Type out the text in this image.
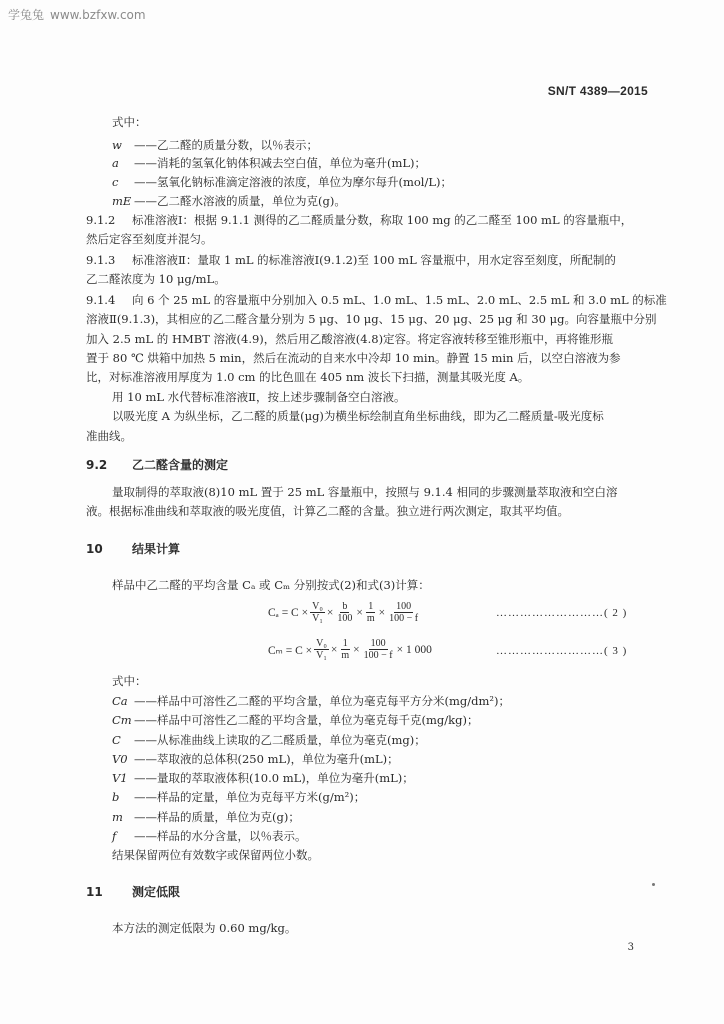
学兔兔 www.bzfxw.com
SN/T 4389—2015
式中：
w ——乙二醛的质量分数，以％表示；
a ——消耗的氢氧化钠体积减去空白值，单位为毫升(mL)；
c ——氢氧化钠标准滴定溶液的浓度，单位为摩尔每升(mol/L)；
mE ——乙二醛水溶液的质量，单位为克(g)。
9.1.2 标准溶液Ⅰ：根据 9.1.1 测得的乙二醛质量分数，称取 100 mg 的乙二醛至 100 mL 的容量瓶中，
然后定容至刻度并混匀。
9.1.3 标准溶液Ⅱ：量取 1 mL 的标准溶液Ⅰ(9.1.2)至 100 mL 容量瓶中，用水定容至刻度，所配制的
乙二醛浓度为 10 μg/mL。
9.1.4 向 6 个 25 mL 的容量瓶中分别加入 0.5 mL、1.0 mL、1.5 mL、2.0 mL、2.5 mL 和 3.0 mL 的标准
溶液Ⅱ(9.1.3)，其相应的乙二醛含量分别为 5 μg、10 μg、15 μg、20 μg、25 μg 和 30 μg。向容量瓶中分别
加入 2.5 mL 的 HMBT 溶液(4.9)，然后用乙酸溶液(4.8)定容。将定容液转移至锥形瓶中，再将锥形瓶
置于 80 ℃ 烘箱中加热 5 min，然后在流动的自来水中冷却 10 min。静置 15 min 后，以空白溶液为参
比，对标准溶液用厚度为 1.0 cm 的比色皿在 405 nm 波长下扫描，测量其吸光度 A。
用 10 mL 水代替标准溶液Ⅱ，按上述步骤制备空白溶液。
以吸光度 A 为纵坐标，乙二醛的质量(μg)为横坐标绘制直角坐标曲线，即为乙二醛质量-吸光度标
准曲线。
9.2 乙二醛含量的测定
量取制得的萃取液(8)10 mL 置于 25 mL 容量瓶中，按照与 9.1.4 相同的步骤测量萃取液和空白溶
液。根据标准曲线和萃取液的吸光度值，计算乙二醛的含量。独立进行两次测定，取其平均值。
10 结果计算
样品中乙二醛的平均含量 Cₐ 或 Cₘ 分别按式(2)和式(3)计算：
$C_a = C \times \frac{\text{V₀}}{\text{V₁}} \times \frac{b}{100} \times \frac{1}{m} \times \frac{100}{100 - f}$	………………………( 2 )
$C_m = C \times \frac{\text{V₀}}{\text{V₁}} \times \frac{1}{m} \times \frac{100}{100 - f} \times 1$ 000	………………………( 3 )
式中：
Ca ——样品中可溶性乙二醛的平均含量，单位为毫克每平方分米(mg/dm²)；
Cm ——样品中可溶性乙二醛的平均含量，单位为毫克每千克(mg/kg)；
C ——从标准曲线上读取的乙二醛质量，单位为毫克(mg)；
V0 ——萃取液的总体积(250 mL)，单位为毫升(mL)；
V1 ——量取的萃取液体积(10.0 mL)，单位为毫升(mL)；
b ——样品的定量，单位为克每平方米(g/m²)；
m ——样品的质量，单位为克(g)；
f ——样品的水分含量，以％表示。
结果保留两位有效数字或保留两位小数。
11 测定低限
本方法的测定低限为 0.60 mg/kg。
3
